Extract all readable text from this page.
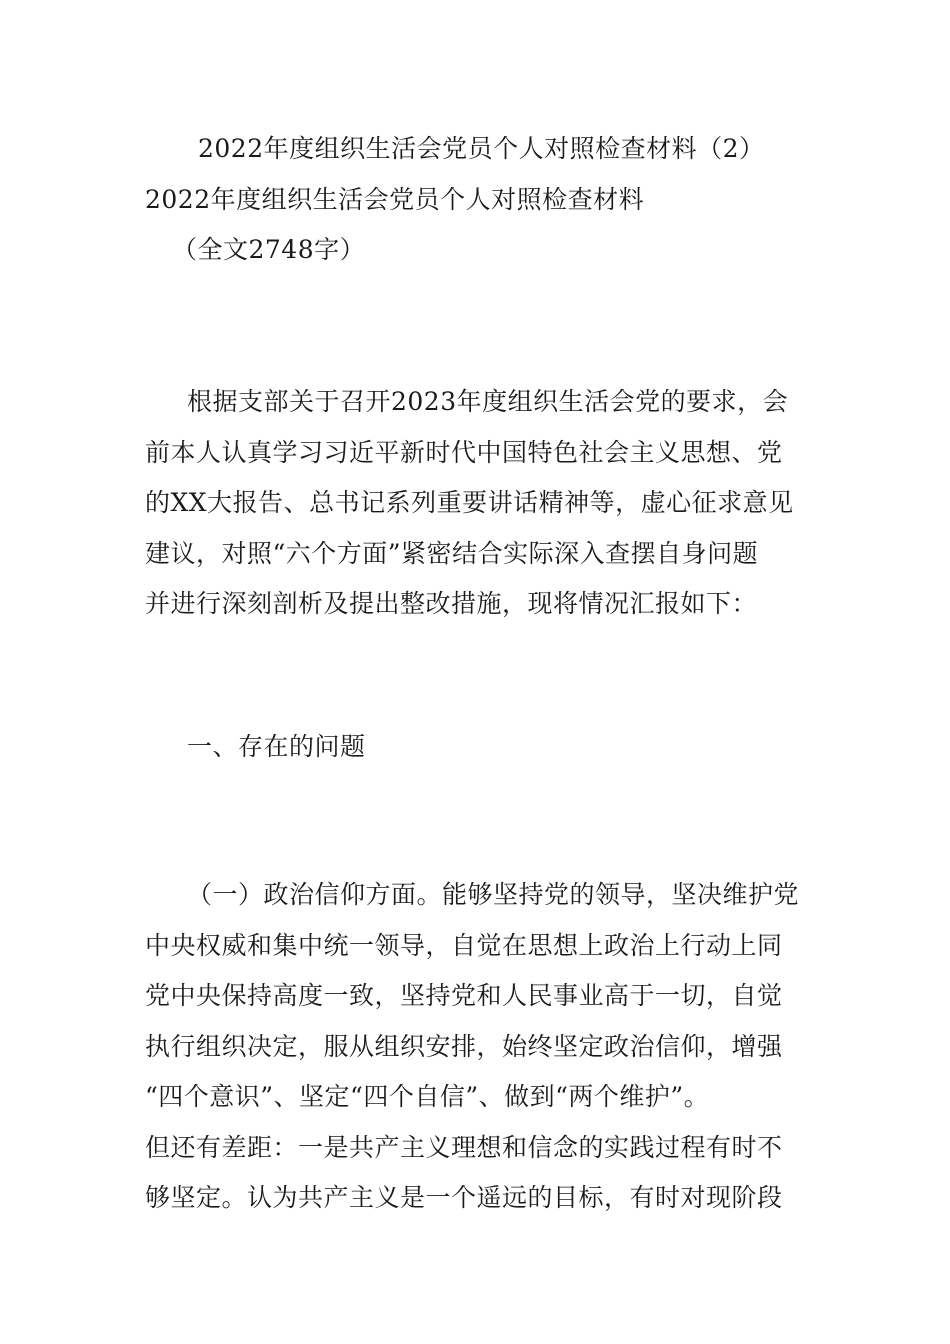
2022年度组织生活会党员个人对照检查材料（2）
2022年度组织生活会党员个人对照检查材料
（全文2748字）
根据支部关于召开2023年度组织生活会党的要求，会
前本人认真学习习近平新时代中国特色社会主义思想、党
的XX大报告、总书记系列重要讲话精神等，虚心征求意见
建议，对照“六个方面”紧密结合实际深入查摆自身问题
并进行深刻剖析及提出整改措施，现将情况汇报如下：
一、存在的问题
（一）政治信仰方面。能够坚持党的领导，坚决维护党
中央权威和集中统一领导，自觉在思想上政治上行动上同
党中央保持高度一致，坚持党和人民事业高于一切，自觉
执行组织决定，服从组织安排，始终坚定政治信仰，增强
“四个意识”、坚定“四个自信”、做到“两个维护”。
但还有差距：一是共产主义理想和信念的实践过程有时不
够坚定。认为共产主义是一个遥远的目标，有时对现阶段
